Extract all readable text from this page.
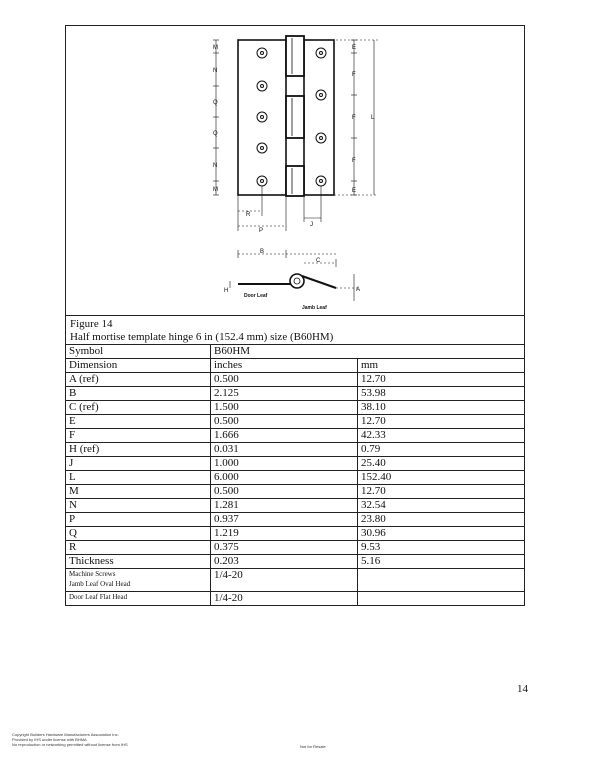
M
N
Q
Q
N
M
E
F
F
F
E
L
R
P
J
B
C
H	A
Door Leaf
Jamb Leaf
Figure 14
Half mortise template hinge 6 in (152.4 mm) size (B60HM)
Symbol	B60HM	
Dimension	inches	mm
A (ref)	0.500	12.70
B	2.125	53.98
C (ref)	1.500	38.10
E	0.500	12.70
F	1.666	42.33
H (ref)	0.031	0.79
J	1.000	25.40
L	6.000	152.40
M	0.500	12.70
N	1.281	32.54
P	0.937	23.80
Q	1.219	30.96
R	0.375	9.53
Thickness	0.203	5.16

Machine Screws
Jamb Leaf Oval Head	1/4-20	
Door Leaf Flat Head	1/4-20	
14
Copyright Builders Hardware Manufacturers Association Inc.
Provided by IHS under license with BHMA
No reproduction or networking permitted without license from IHS	Not for Resale
